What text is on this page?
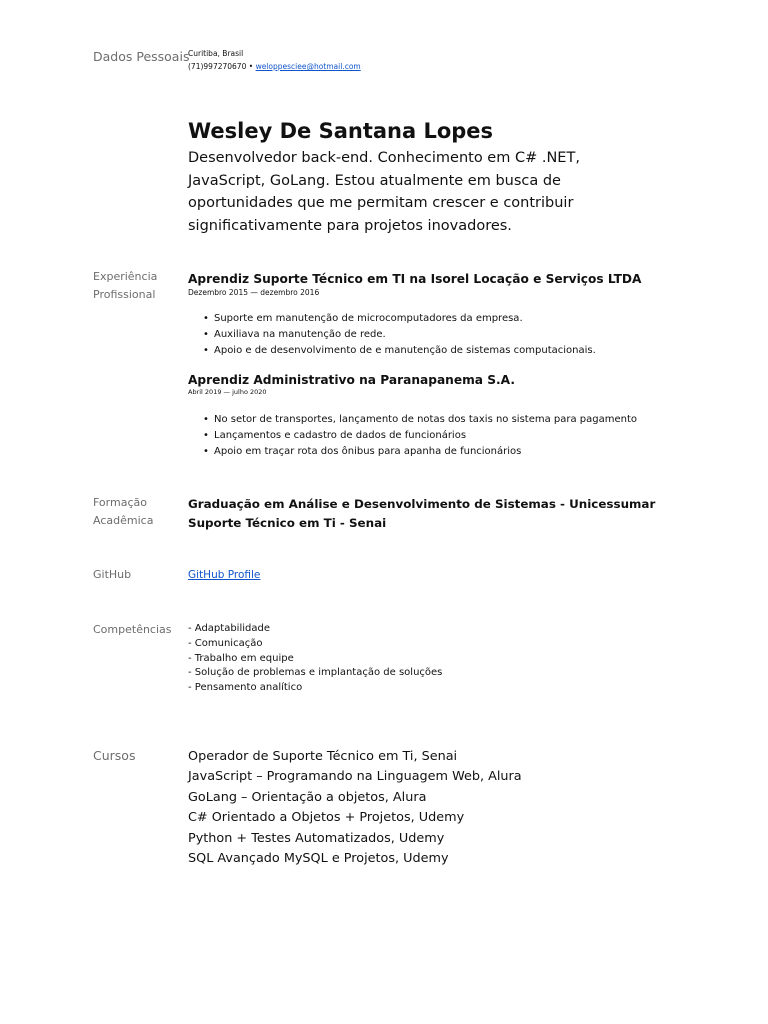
Dados Pessoais
Curitiba, Brasil
(71)997270670 • weloppesciee@hotmail.com
Wesley De Santana Lopes
Desenvolvedor back-end. Conhecimento em C# .NET, JavaScript, GoLang. Estou atualmente em busca de oportunidades que me permitam crescer e contribuir significativamente para projetos inovadores.
Experiência
Profissional
Aprendiz Suporte Técnico em TI na Isorel Locação e Serviços LTDA
Dezembro 2015 — dezembro 2016
• Suporte em manutenção de microcomputadores da empresa.
• Auxiliava na manutenção de rede.
• Apoio e de desenvolvimento de e manutenção de sistemas computacionais.
Aprendiz Administrativo na Paranapanema S.A.
Abril 2019 — julho 2020
• No setor de transportes, lançamento de notas dos taxis no sistema para pagamento
• Lançamentos e cadastro de dados de funcionários
• Apoio em traçar rota dos ônibus para apanha de funcionários
Formação
Acadêmica
Graduação em Análise e Desenvolvimento de Sistemas - Unicessumar
Suporte Técnico em Ti - Senai
GitHub	GitHub Profile
Competências - Adaptabilidade
- Comunicação
- Trabalho em equipe
- Solução de problemas e implantação de soluções
- Pensamento analítico
Cursos	Operador de Suporte Técnico em Ti, Senai
JavaScript – Programando na Linguagem Web, Alura
GoLang – Orientação a objetos, Alura
C# Orientado a Objetos + Projetos, Udemy
Python + Testes Automatizados, Udemy
SQL Avançado MySQL e Projetos, Udemy
